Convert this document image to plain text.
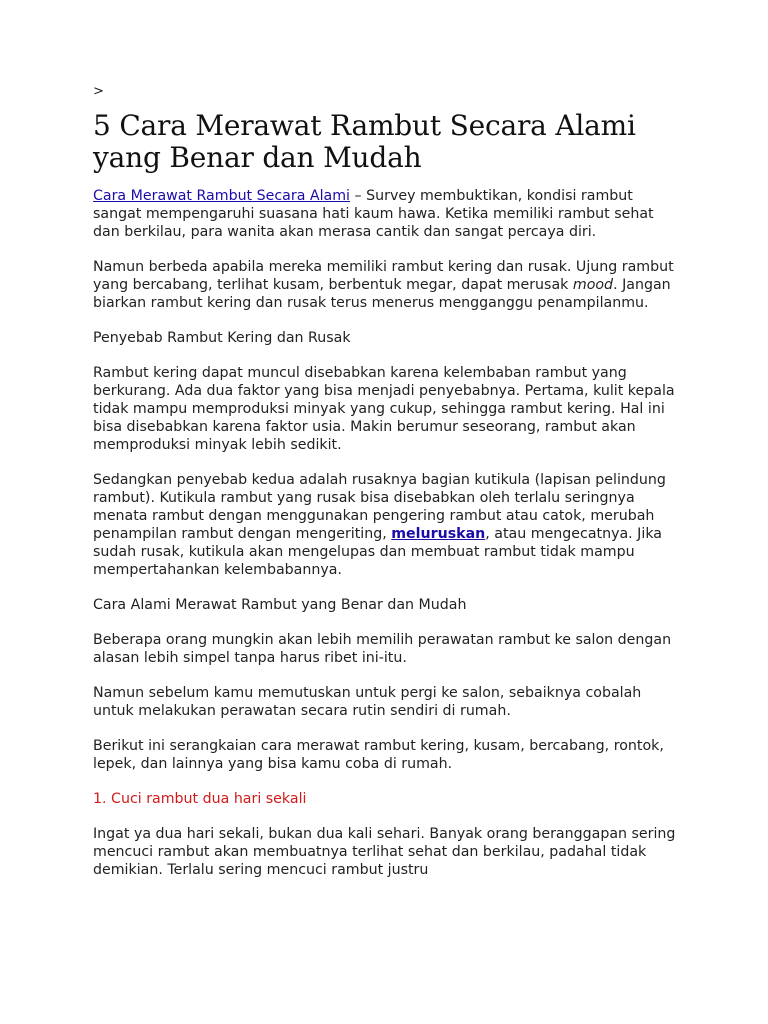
>
5 Cara Merawat Rambut Secara Alami yang Benar dan Mudah

Cara Merawat Rambut Secara Alami – Survey membuktikan, kondisi rambut sangat mempengaruhi suasana hati kaum hawa. Ketika memiliki rambut sehat dan berkilau, para wanita akan merasa cantik dan sangat percaya diri.

Namun berbeda apabila mereka memiliki rambut kering dan rusak. Ujung rambut yang bercabang, terlihat kusam, berbentuk megar, dapat merusak mood. Jangan biarkan rambut kering dan rusak terus menerus mengganggu penampilanmu.

Penyebab Rambut Kering dan Rusak

Rambut kering dapat muncul disebabkan karena kelembaban rambut yang berkurang. Ada dua faktor yang bisa menjadi penyebabnya. Pertama, kulit kepala tidak mampu memproduksi minyak yang cukup, sehingga rambut kering. Hal ini bisa disebabkan karena faktor usia. Makin berumur seseorang, rambut akan memproduksi minyak lebih sedikit.

Sedangkan penyebab kedua adalah rusaknya bagian kutikula (lapisan pelindung rambut). Kutikula rambut yang rusak bisa disebabkan oleh terlalu seringnya menata rambut dengan menggunakan pengering rambut atau catok, merubah penampilan rambut dengan mengeriting, meluruskan, atau mengecatnya. Jika sudah rusak, kutikula akan mengelupas dan membuat rambut tidak mampu mempertahankan kelembabannya.

Cara Alami Merawat Rambut yang Benar dan Mudah

Beberapa orang mungkin akan lebih memilih perawatan rambut ke salon dengan alasan lebih simpel tanpa harus ribet ini-itu.

Namun sebelum kamu memutuskan untuk pergi ke salon, sebaiknya cobalah untuk melakukan perawatan secara rutin sendiri di rumah.

Berikut ini serangkaian cara merawat rambut kering, kusam, bercabang, rontok, lepek, dan lainnya yang bisa kamu coba di rumah.

1. Cuci rambut dua hari sekali

Ingat ya dua hari sekali, bukan dua kali sehari. Banyak orang beranggapan sering mencuci rambut akan membuatnya terlihat sehat dan berkilau, padahal tidak demikian. Terlalu sering mencuci rambut justru
